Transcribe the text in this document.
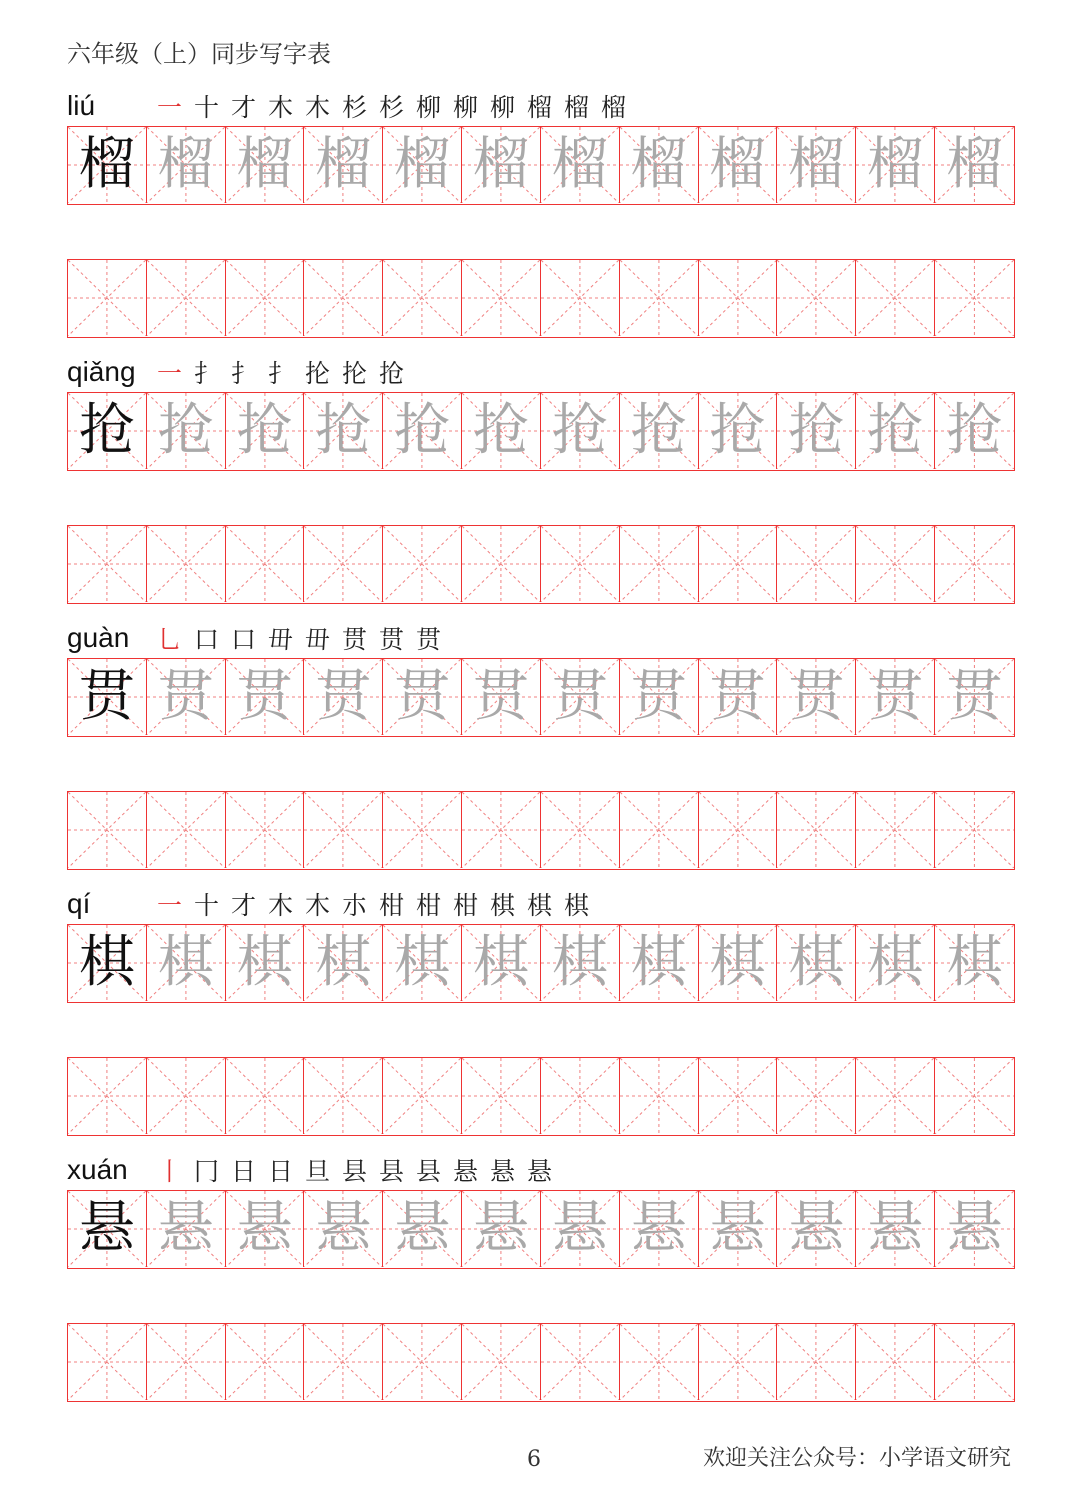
六年级（上）同步写字表
liú	一 十 才 木 木 杉 杉 柳 柳 柳 榴 榴 榴
榴 榴 榴 榴 榴 榴 榴 榴 榴 榴 榴 榴
qiǎng 一 扌 扌 扌 抡 抡 抢
抢 抢 抢 抢 抢 抢 抢 抢 抢 抢 抢 抢
guàn	乚 口 口 毌 毌 贯 贯 贯
贯 贯 贯 贯 贯 贯 贯 贯 贯 贯 贯 贯
qí	一 十 才 木 木 朩 柑 柑 柑 棋 棋 棋
棋 棋 棋 棋 棋 棋 棋 棋 棋 棋 棋 棋
xuán	丨 冂 日 日 旦 县 县 县 悬 悬 悬
悬 悬 悬 悬 悬 悬 悬 悬 悬 悬 悬 悬
6	欢迎关注公众号：小学语文研究
